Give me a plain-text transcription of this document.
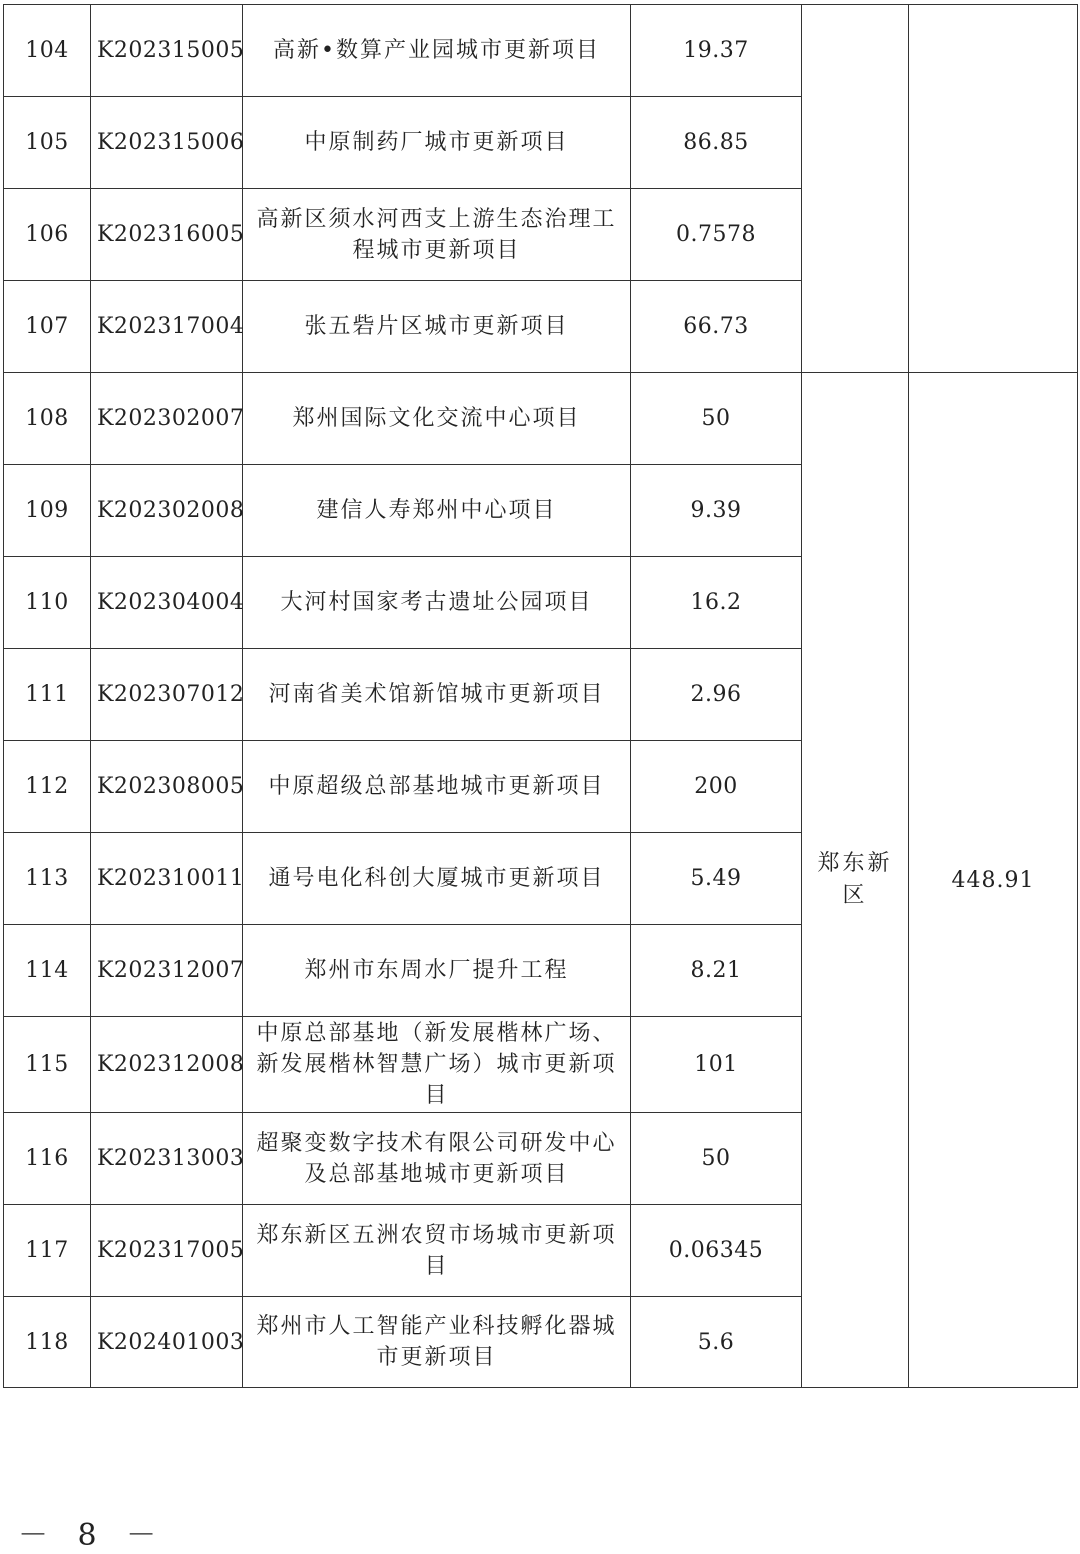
104	K202315005	高新•数算产业园城市更新项目	19.37		
105	K202315006	中原制药厂城市更新项目	86.85		
106	K202316005	高新区须水河西支上游生态治理工程城市更新项目	0.7578		
107	K202317004	张五砦片区城市更新项目	66.73		
108	K202302007	郑州国际文化交流中心项目	50	郑东新区	448.91
109	K202302008	建信人寿郑州中心项目	9.39		
110	K202304004	大河村国家考古遗址公园项目	16.2		
111	K202307012	河南省美术馆新馆城市更新项目	2.96		
112	K202308005	中原超级总部基地城市更新项目	200		
113	K202310011	通号电化科创大厦城市更新项目	5.49		
114	K202312007	郑州市东周水厂提升工程	8.21		
115	K202312008	中原总部基地（新发展楷林广场、新发展楷林智慧广场）城市更新项目	101		
116	K202313003	超聚变数字技术有限公司研发中心及总部基地城市更新项目	50		
117	K202317005	郑东新区五洲农贸市场城市更新项目	0.06345		
118	K202401003	郑州市人工智能产业科技孵化器城市更新项目	5.6		
－ 8 －
